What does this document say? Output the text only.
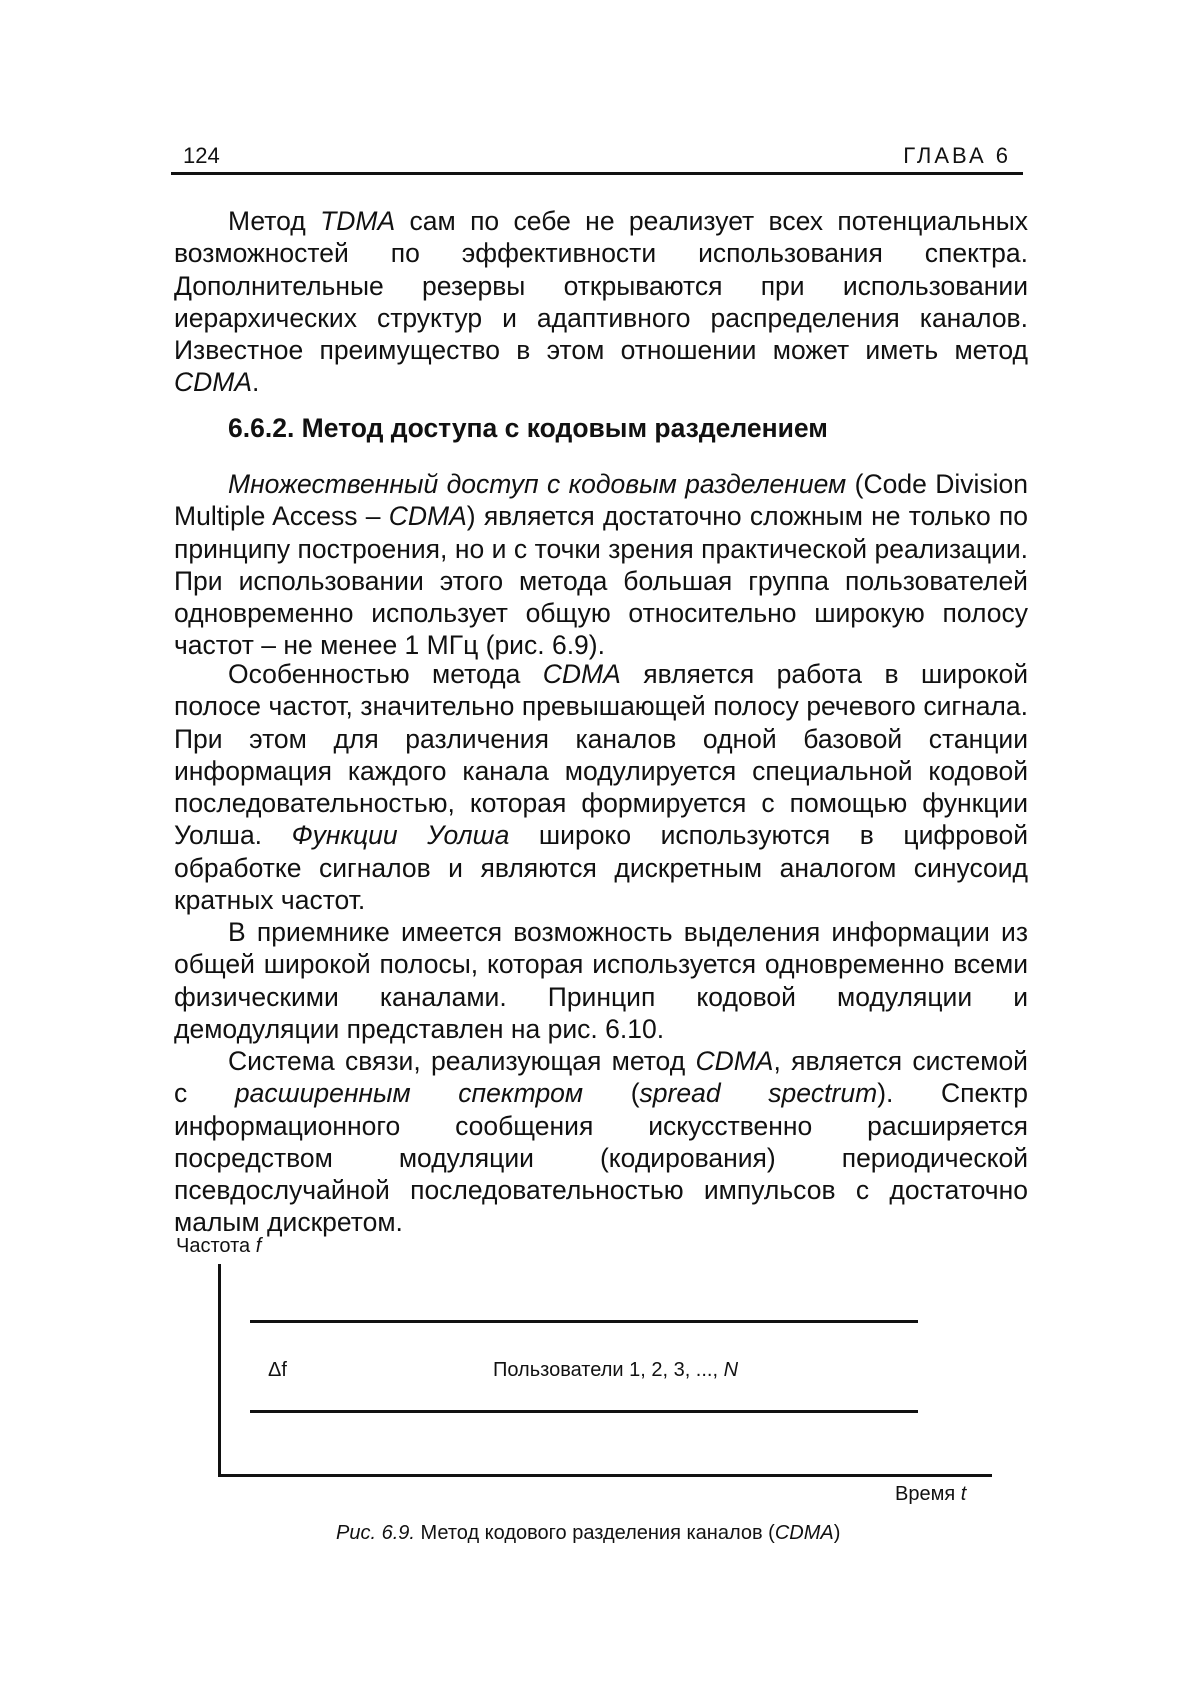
124	ГЛАВА 6
Метод TDMA сам по себе не реализует всех потенциальных возможностей по эффективности использования спектра. Дополнительные резервы открываются при использовании иерархических структур и адаптивного распределения каналов. Известное преимущество в этом отношении может иметь метод CDMA.
6.6.2. Метод доступа с кодовым разделением
Множественный доступ с кодовым разделением (Code Division Multiple Access – CDMA) является достаточно сложным не только по принципу построения, но и с точки зрения практической реализации. При использовании этого метода большая группа пользователей одновременно использует общую относительно широкую полосу частот – не менее 1 МГц (рис. 6.9).
Особенностью метода CDMA является работа в широкой полосе частот, значительно превышающей полосу речевого сигнала. При этом для различения каналов одной базовой станции информация каждого канала модулируется специальной кодовой последовательностью, которая формируется с помощью функции Уолша. Функции Уолша широко используются в цифровой обработке сигналов и являются дискретным аналогом синусоид кратных частот.
В приемнике имеется возможность выделения информации из общей широкой полосы, которая используется одновременно всеми физическими каналами. Принцип кодовой модуляции и демодуляции представлен на рис. 6.10.
Система связи, реализующая метод CDMA, является системой с расширенным спектром (spread spectrum). Спектр информационного сообщения искусственно расширяется посредством модуляции (кодирования) периодической псевдослучайной последовательностью импульсов с достаточно малым дискретом.
Частота f
Δf	Пользователи 1, 2, 3, ..., N
Время t
Рис. 6.9. Метод кодового разделения каналов (CDMA)
